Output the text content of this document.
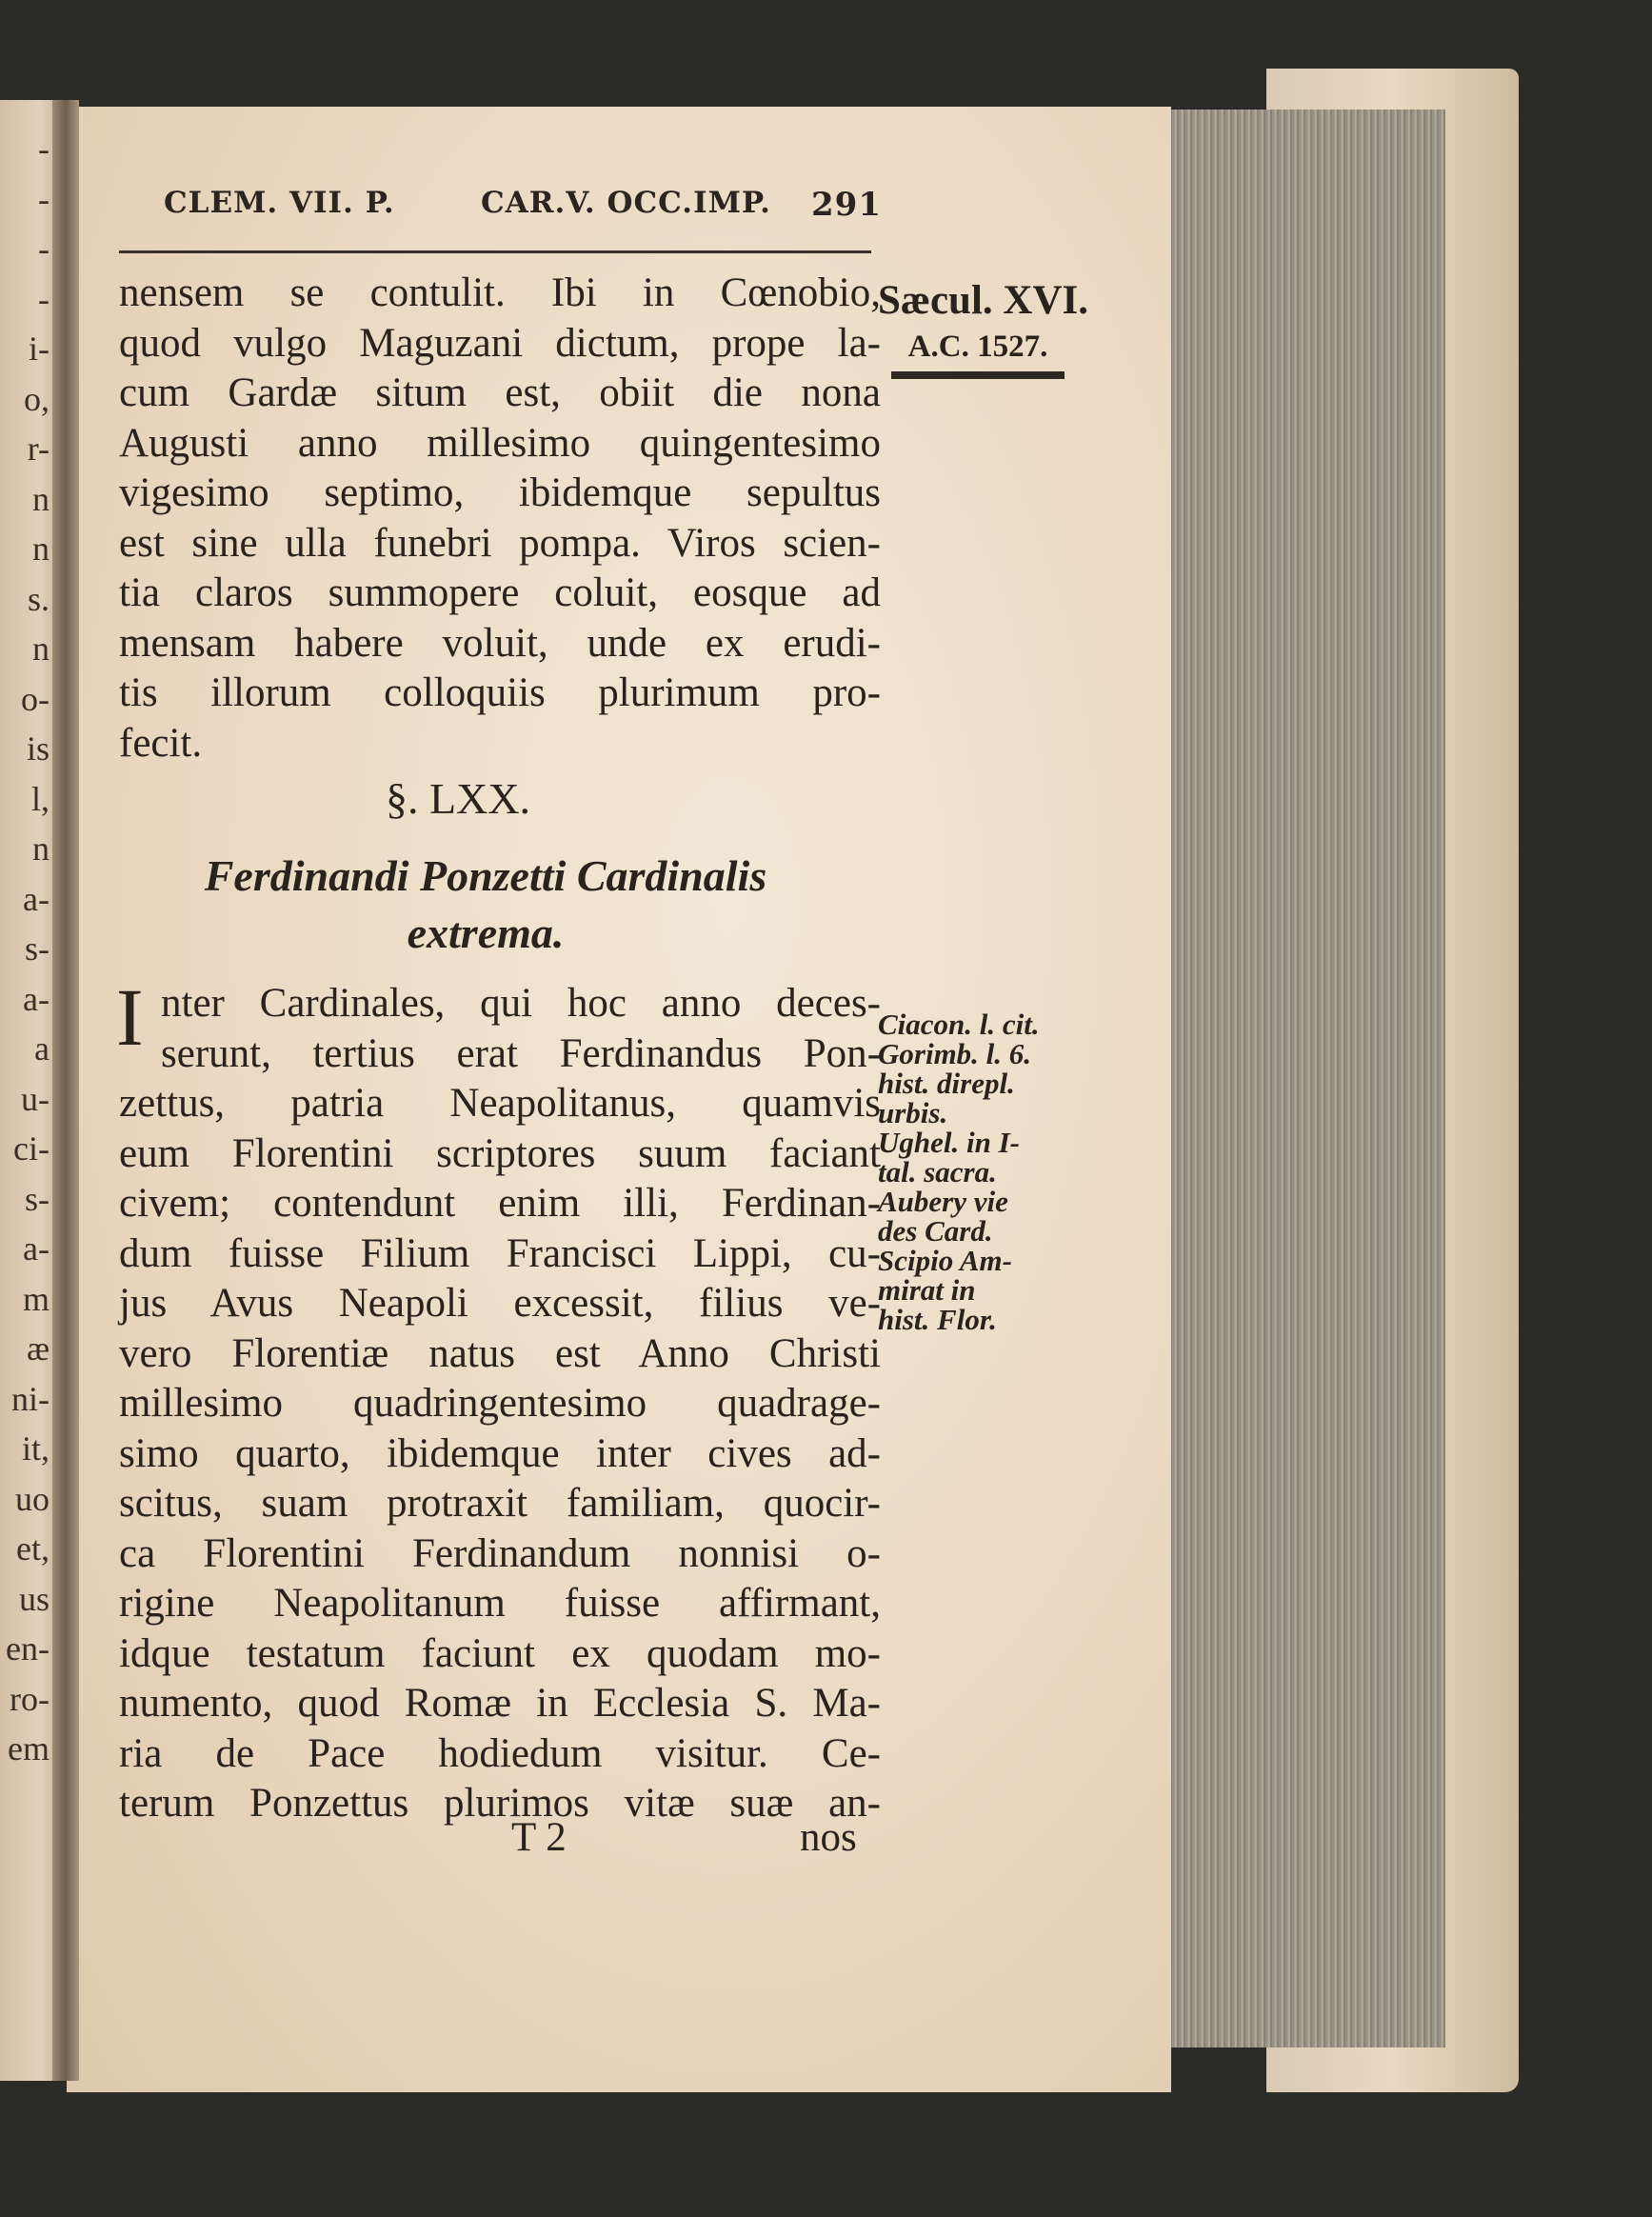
-
-
-
-
i-
o,
r-
n
n
s.
n
o-
is
l,
n
a-
s-
a-
a
u-
ci-
s-
a-
m
æ
ni-
it,
uo
et,
us
en-
ro-
em
CLEM. VII. P.	CAR.V. OCC.IMP. 291
Sæcul. XVI.
A.C. 1527.
nensem se contulit. Ibi in Cœnobio,
quod vulgo Maguzani dictum, prope la-
cum Gardæ situm est, obiit die nona
Augusti anno millesimo quingentesimo
vigesimo septimo, ibidemque sepultus
est sine ulla funebri pompa. Viros scien-
tia claros summopere coluit, eosque ad
mensam habere voluit, unde ex erudi-
tis illorum colloquiis plurimum pro-
fecit.
§. LXX.
Ferdinandi Ponzetti Cardinalis
extrema.
I nter Cardinales, qui hoc anno deces-
serunt, tertius erat Ferdinandus Pon-
zettus, patria Neapolitanus, quamvis
eum Florentini scriptores suum faciant
civem; contendunt enim illi, Ferdinan-
dum fuisse Filium Francisci Lippi, cu-
jus Avus Neapoli excessit, filius ve-
vero Florentiæ natus est Anno Christi
millesimo quadringentesimo quadrage-
simo quarto, ibidemque inter cives ad-
scitus, suam protraxit familiam, quocir-
ca Florentini Ferdinandum nonnisi o-
rigine Neapolitanum fuisse affirmant,
idque testatum faciunt ex quodam mo-
numento, quod Romæ in Ecclesia S. Ma-
ria de Pace hodiedum visitur. Ce-
terum Ponzettus plurimos vitæ suæ an-
Ciacon. l. cit.
Gorimb. l. 6.
hist. direpl.
urbis.
Ughel. in I-
tal. sacra.
Aubery vie
des Card.
Scipio Am-
mirat in
hist. Flor.
T 2	nos
